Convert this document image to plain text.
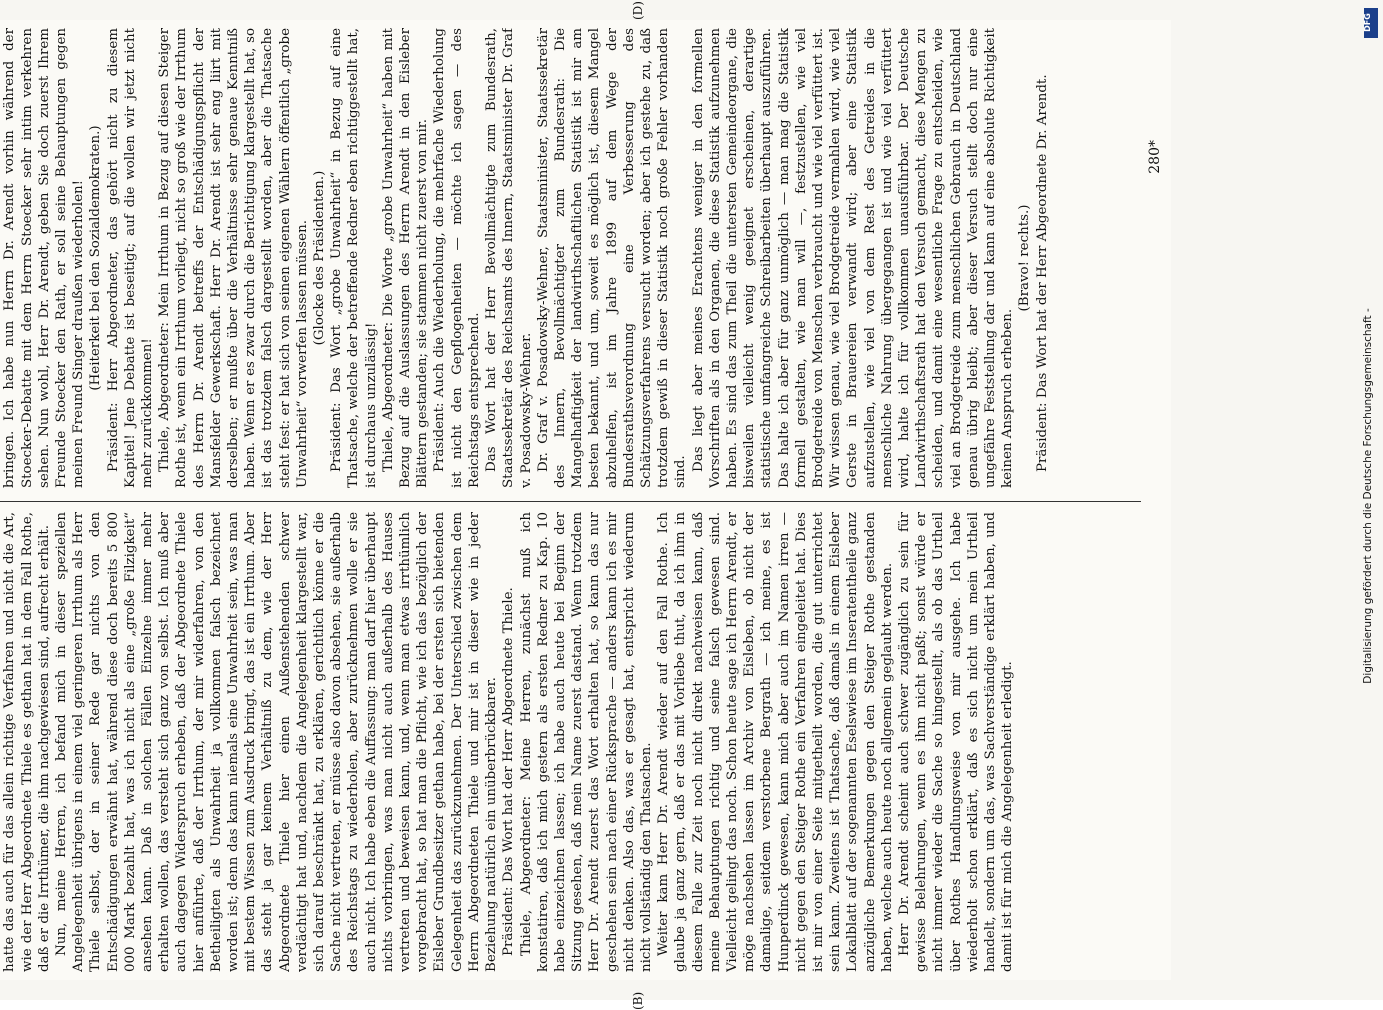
(B)
(D)

hatte das auch für das allein richtige Verfahren und nicht die Art, wie der Herr Abgeordnete Thiele es gethan hat in dem Fall Rothe, daß er die Irrthümer, die ihm nachgewiesen sind, aufrecht erhält. Nun, meine Herren, ich befand mich in dieser speziellen Angelegenheit übrigens in einem viel geringeren Irrthum als Herr Thiele selbst, der in seiner Rede gar nichts von den Entschädigungen erwähnt hat, während diese doch bereits 5 800 000 Mark bezahlt hat, was ich nicht als eine „große Filzigkeit“ ansehen kann. Daß in solchen Fällen Einzelne immer mehr erhalten wollen, das versteht sich ganz von selbst. Ich muß aber auch dagegen Widerspruch erheben, daß der Abgeordnete Thiele hier anführte, daß der Irrthum, der mir widerfahren, von den Betheiligten als Unwahrheit ja vollkommen falsch bezeichnet worden ist; denn das kann niemals eine Unwahrheit sein, was man mit bestem Wissen zum Ausdruck bringt, das ist ein Irrthum. Aber das steht ja gar keinem Verhältniß zu dem, wie der Herr Abgeordnete Thiele hier einen Außenstehenden schwer verdächtigt hat und, nachdem die Angelegenheit klargestellt war, sich darauf beschränkt hat, zu erklären, gerichtlich könne er die Sache nicht vertreten, er müsse also davon absehen, sie außerhalb des Reichstags zu wiederholen, aber zurücknehmen wolle er sie auch nicht. Ich habe eben die Auffassung: man darf hier überhaupt nichts vorbringen, was man nicht auch außerhalb des Hauses vertreten und beweisen kann, und, wenn man etwas irrthümlich vorgebracht hat, so hat man die Pflicht, wie ich das bezüglich der Eisleber Grundbesitzer gethan habe, bei der ersten sich bietenden Gelegenheit das zurückzunehmen. Der Unterschied zwischen dem Herrn Abgeordneten Thiele und mir ist in dieser wie in jeder Beziehung natürlich ein unüberbrückbarer. Präsident: Das Wort hat der Herr Abgeordnete Thiele. Thiele, Abgeordneter: Meine Herren, zunächst muß ich konstatiren, daß ich mich gestern als ersten Redner zu Kap. 10 habe einzeichnen lassen; ich habe auch heute bei Beginn der Sitzung gesehen, daß mein Name zuerst dastand. Wenn trotzdem Herr Dr. Arendt zuerst das Wort erhalten hat, so kann das nur geschehen sein nach einer Rücksprache — anders kann ich es mir nicht denken. Also das, was er gesagt hat, entspricht wiederum nicht vollständig den Thatsachen. Weiter kam Herr Dr. Arendt wieder auf den Fall Rothe. Ich glaube ja ganz gern, daß er das mit Vorliebe thut, da ich ihm in diesem Falle zur Zeit noch nicht direkt nachweisen kann, daß meine Behauptungen richtig und seine falsch gewesen sind. Vielleicht gelingt das noch. Schon heute sage ich Herrn Arendt, er möge nachsehen lassen im Archiv von Eisleben, ob nicht der damalige, seitdem verstorbene Bergrath — ich meine, es ist Hunperdinck gewesen, kann mich aber auch im Namen irren — nicht gegen den Steiger Rothe ein Verfahren eingeleitet hat. Dies ist mir von einer Seite mitgetheilt worden, die gut unterrichtet sein kann. Zweitens ist Thatsache, daß damals in einem Eisleber Lokalblatt auf der sogenannten Eselswiese im Inseratentheile ganz anzügliche Bemerkungen gegen den Steiger Rothe gestanden haben, welche auch heute noch allgemein geglaubt werden. Herr Dr. Arendt scheint auch schwer zugänglich zu sein für gewisse Belehrungen, wenn es ihm nicht paßt; sonst würde er nicht immer wieder die Sache so hingestellt, als ob das Urtheil über Rothes Handlungsweise von mir ausgehe. Ich habe wiederholt schon erklärt, daß es sich nicht um mein Urtheil handelt, sondern um das, was Sachverständige erklärt haben, und damit ist für mich die Angelegenheit erledigt.

bringen. Ich habe nun Herrn Dr. Arendt vorhin während der Stoecker-Debatte mit dem Herrn Stoecker sehr intim verkehren sehen. Nun wohl, Herr Dr. Arendt, geben Sie doch zuerst Ihrem Freunde Stoecker den Rath, er soll seine Behauptungen gegen meinen Freund Singer draußen wiederholen! (Heiterkeit bei den Sozialdemokraten.) Präsident: Herr Abgeordneter, das gehört nicht zu diesem Kapitel! Jene Debatte ist beseitigt; auf die wollen wir jetzt nicht mehr zurückkommen! Thiele, Abgeordneter: Mein Irrthum in Bezug auf diesen Steiger Rothe ist, wenn ein Irrthum vorliegt, nicht so groß wie der Irrthum des Herrn Dr. Arendt betreffs der Entschädigungspflicht der Mansfelder Gewerkschaft. Herr Dr. Arendt ist sehr eng liirt mit derselben; er mußte über die Verhältnisse sehr genaue Kenntniß haben. Wenn er es zwar durch die Berichtigung klargestellt hat, so ist das trotzdem falsch dargestellt worden, aber die Thatsache steht fest: er hat sich von seinen eigenen Wählern öffentlich „grobe Unwahrheit“ vorwerfen lassen müssen. (Glocke des Präsidenten.) Präsident: Das Wort „grobe Unwahrheit“ in Bezug auf eine Thatsache, welche der betreffende Redner eben richtiggestellt hat, ist durchaus unzulässig! Thiele, Abgeordneter: Die Worte „grobe Unwahrheit“ haben mit Bezug auf die Auslassungen des Herrn Arendt in den Eisleber Blättern gestanden; sie stammen nicht zuerst von mir. Präsident: Auch die Wiederholung, die mehrfache Wiederholung ist nicht den Gepflogenheiten — möchte ich sagen — des Reichstags entsprechend. Das Wort hat der Herr Bevollmächtigte zum Bundesrath, Staatssekretär des Reichsamts des Innern, Staatsminister Dr. Graf v. Posadowsky-Wehner. Dr. Graf v. Posadowsky-Wehner, Staatsminister, Staatssekretär des Innern, Bevollmächtigter zum Bundesrath: Die Mangelhaftigkeit der landwirthschaftlichen Statistik ist mir am besten bekannt, und um, soweit es möglich ist, diesem Mangel abzuhelfen, ist im Jahre 1899 auf dem Wege der Bundesrathsverordnung eine Verbesserung des Schätzungsverfahrens versucht worden; aber ich gestehe zu, daß trotzdem gewiß in dieser Statistik noch große Fehler vorhanden sind. Das liegt aber meines Erachtens weniger in den formellen Vorschriften als in den Organen, die diese Statistik aufzunehmen haben. Es sind das zum Theil die untersten Gemeindeorgane, die bisweilen vielleicht wenig geeignet erscheinen, derartige statistische umfangreiche Schreibarbeiten überhaupt auszuführen. Das halte ich aber für ganz unmöglich — man mag die Statistik formell gestalten, wie man will —, festzustellen, wie viel Brodgetreide von Menschen verbraucht und wie viel verfüttert ist. Wir wissen genau, wie viel Brodgetreide vermahlen wird, wie viel Gerste in Brauereien verwandt wird; aber eine Statistik aufzustellen, wie viel von dem Rest des Getreides in die menschliche Nahrung übergegangen ist und wie viel verfüttert wird, halte ich für vollkommen unausführbar. Der Deutsche Landwirthschaftsrath hat den Versuch gemacht, diese Mengen zu scheiden, und damit eine wesentliche Frage zu entscheiden, wie viel an Brodgetreide zum menschlichen Gebrauch in Deutschland genau übrig bleibt; aber dieser Versuch stellt doch nur eine ungefähre Feststellung dar und kann auf eine absolute Richtigkeit keinen Anspruch erheben.

(Bravo! rechts.) Präsident: Das Wort hat der Herr Abgeordnete Dr. Arendt.	280*
Digitalisierung gefördert durch die Deutsche Forschungsgemeinschaft -
DFG
